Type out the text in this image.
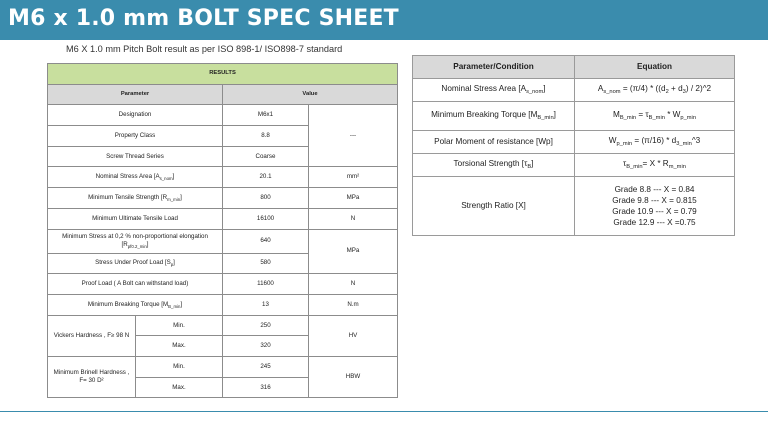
M6 x 1.0 mm BOLT SPEC SHEET
M6 X 1.0 mm Pitch Bolt result as per ISO 898-1/ ISO898-7 standard
RESULTS			
Parameter		Value	
Designation		M6x1	---
Property Class		8.8	
Screw Thread Series		Coarse	
Nominal Stress Area $[A_{s\_nom}]$		20.1	mm²
Minimum Tensile Strength $[R_{m\_min}]$		800	MPa
Minimum Ultimate Tensile Load		16100	N
Minimum Stress at 0,2 % non-proportional elongation $[R_{pf0.2\_min}]$		640	MPa
Stress Under Proof Load $[S_p]$		580	
Proof Load ( A Bolt can withstand load)		11600	N
Minimum Breaking Torque $[M_{B\_min}]$		13	N.m
Vickers Hardness , F≥ 98 N	Min.	250	HV
	Max.	320	
Minimum Brinell Hardness , F= 30 D²	Min.	245	HBW
	Max.	316	
Parameter/Condition	Equation
Nominal Stress Area $[A_{s\_nom}]$	$A_{s\_nom} = (\pi/4) * ((d_2 + d_3)$ / 2)^2
Minimum Breaking Torque $[M_{B\_min}]$	$M_{B\_min} = \tau_{B\_min} * W_{p\_min}$
Polar Moment of resistance [Wp]	$W_{p\_min} = (\pi/16)$ * $d_{3\_min}\^{}3$
Torsional Strength $[\tau_B]$	$\tau_{B\_min}= X * R_{m\_min}$
Strength Ratio [X]	Grade 8.8 --- X = 0.84
Grade 9.8 --- X = 0.815
Grade 10.9 --- X = 0.79
Grade 12.9 --- X =0.75
